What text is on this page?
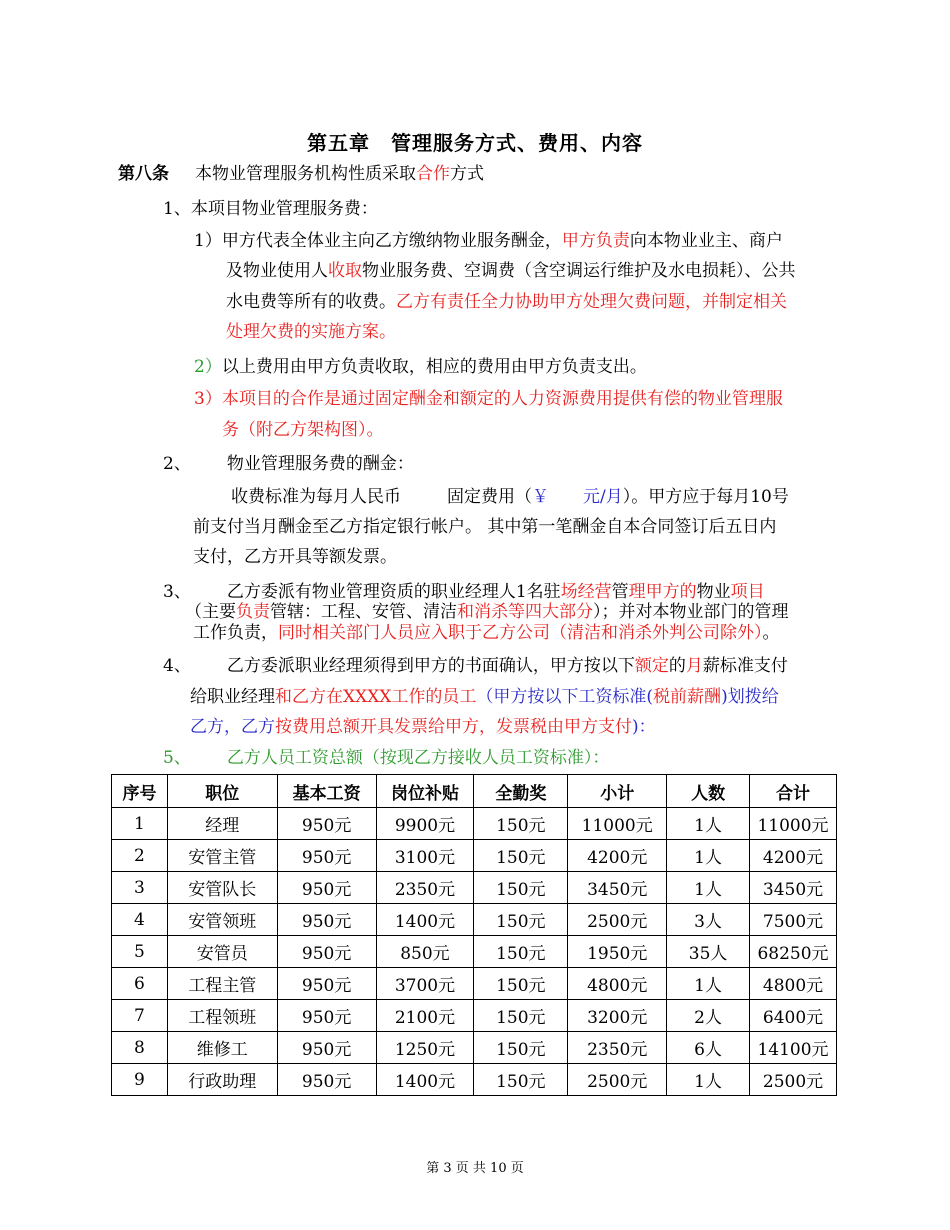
第五章　管理服务方式、费用、内容
第八条 本物业管理服务机构性质采取合作方式
1、本项目物业管理服务费：
1）甲方代表全体业主向乙方缴纳物业服务酬金，甲方负责向本物业业主、商户
及物业使用人收取物业服务费、空调费（含空调运行维护及水电损耗）、公共
水电费等所有的收费。乙方有责任全力协助甲方处理欠费问题，并制定相关
处理欠费的实施方案。
2）以上费用由甲方负责收取，相应的费用由甲方负责支出。
3）本项目的合作是通过固定酬金和额定的人力资源费用提供有偿的物业管理服
务（附乙方架构图）。
2、 物业管理服务费的酬金：
收费标准为每月人民币	固定费用（￥　　元/月）。甲方应于每月10号
前支付当月酬金至乙方指定银行帐户。 其中第一笔酬金自本合同签订后五日内
支付，乙方开具等额发票。
3、 乙方委派有物业管理资质的职业经理人1名驻场经营管理甲方的物业项目
（主要负责管辖：工程、安管、清洁和消杀等四大部分）；并对本物业部门的管理
工作负责，同时相关部门人员应入职于乙方公司（清洁和消杀外判公司除外）。
4、 乙方委派职业经理须得到甲方的书面确认，甲方按以下额定的月薪标准支付
给职业经理和乙方在XXXX工作的员工（甲方按以下工资标准(税前薪酬)划拨给
乙方，乙方按费用总额开具发票给甲方，发票税由甲方支付)：
5、 乙方人员工资总额（按现乙方接收人员工资标准）：
序号	职位	基本工资	岗位补贴	全勤奖	小计	人数	合计
1	经理	950元	9900元	150元	11000元	1人	11000元
2	安管主管	950元	3100元	150元	4200元	1人	4200元
3	安管队长	950元	2350元	150元	3450元	1人	3450元
4	安管领班	950元	1400元	150元	2500元	3人	7500元
5	安管员	950元	850元	150元	1950元	35人	68250元
6	工程主管	950元	3700元	150元	4800元	1人	4800元
7	工程领班	950元	2100元	150元	3200元	2人	6400元
8	维修工	950元	1250元	150元	2350元	6人	14100元
9	行政助理	950元	1400元	150元	2500元	1人	2500元
第 3 页 共 10 页
